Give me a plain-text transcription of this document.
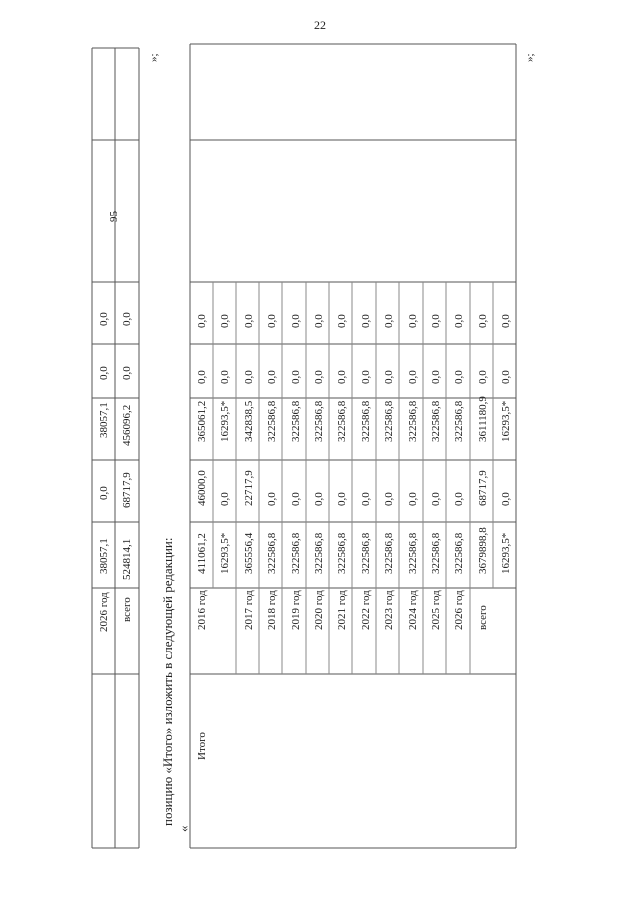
22
2026 год
38057,1
0,0
38057,1
0,0
0,0
всего
524814,1
68717,9
456096,2
0,0
0,0
95
»;
позицию «Итого» изложить в следующей редакции:
«
Итого
2016 год
411061,2
46000,0
365061,2
0,0
0,0
16293,5*
0,0
16293,5*
0,0
0,0
2017 год
365556,4
22717,9
342838,5
0,0
0,0
2018 год
322586,8
0,0
322586,8
0,0
0,0
2019 год
322586,8
0,0
322586,8
0,0
0,0
2020 год
322586,8
0,0
322586,8
0,0
0,0
2021 год
322586,8
0,0
322586,8
0,0
0,0
2022 год
322586,8
0,0
322586,8
0,0
0,0
2023 год
322586,8
0,0
322586,8
0,0
0,0
2024 год
322586,8
0,0
322586,8
0,0
0,0
2025 год
322586,8
0,0
322586,8
0,0
0,0
2026 год
322586,8
0,0
322586,8
0,0
0,0
всего
3679898,8
68717,9
3611180,9
0,0
0,0
16293,5*
0,0
16293,5*
0,0
0,0
»;
